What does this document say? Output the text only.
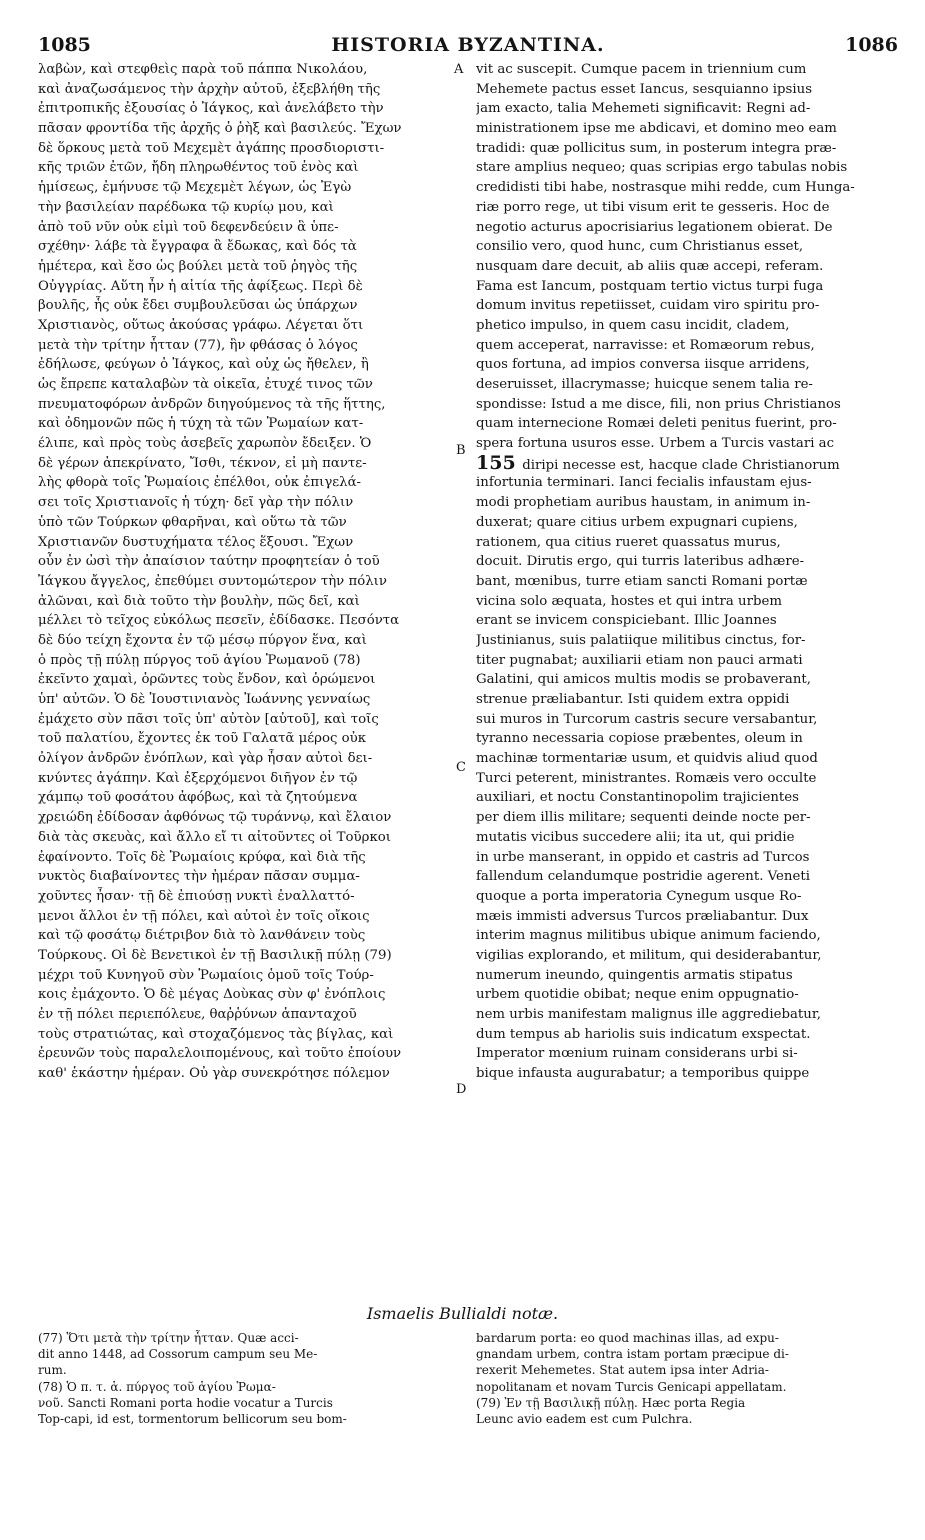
1085	HISTORIA BYZANTINA.	1086
A
B
C
D
λαβὼν, καὶ στεφθεὶς παρὰ τοῦ πάππα Νικολάου,
καὶ ἀναζωσάμενος τὴν ἀρχὴν αὐτοῦ, ἐξεβλήθη τῆς
ἐπιτροπικῆς ἐξουσίας ὁ Ἰάγκος, καὶ ἀνελάβετο τὴν
πᾶσαν φροντίδα τῆς ἀρχῆς ὁ ῥὴξ καὶ βασιλεύς. Ἔχων
δὲ ὅρκους μετὰ τοῦ Μεχεμὲτ ἀγάπης προσδιοριστι-
κῆς τριῶν ἐτῶν, ἤδη πληρωθέντος τοῦ ἑνὸς καὶ
ἡμίσεως, ἐμήνυσε τῷ Μεχεμὲτ λέγων, ὡς Ἐγὼ
τὴν βασιλείαν παρέδωκα τῷ κυρίῳ μου, καὶ
ἀπὸ τοῦ νῦν οὐκ εἰμὶ τοῦ δεφενδεύειν ἃ ὑπε-
σχέθην· λάβε τὰ ἔγγραφα ἃ ἔδωκας, καὶ δός τὰ
ἡμέτερα, καὶ ἔσο ὡς βούλει μετὰ τοῦ ῥηγὸς τῆς
Οὐγγρίας. Αὕτη ἦν ἡ αἰτία τῆς ἀφίξεως. Περὶ δὲ
βουλῆς, ἧς οὐκ ἔδει συμβουλεῦσαι ὡς ὑπάρχων
Χριστιανὸς, οὕτως ἀκούσας γράφω. Λέγεται ὅτι
μετὰ τὴν τρίτην ἧτταν (77), ἣν φθάσας ὁ λόγος
ἐδήλωσε, φεύγων ὁ Ἰάγκος, καὶ οὐχ ὡς ἤθελεν, ἢ
ὡς ἔπρεπε καταλαβὼν τὰ οἰκεῖα, ἐτυχέ τινος τῶν
πνευματοφόρων ἀνδρῶν διηγούμενος τὰ τῆς ἥττης,
καὶ ὀδημονῶν πῶς ἡ τύχη τὰ τῶν Ῥωμαίων κατ-
έλιπε, καὶ πρὸς τοὺς ἀσεβεῖς χαρωπὸν ἔδειξεν. Ὁ
δὲ γέρων ἀπεκρίνατο, Ἴσθι, τέκνον, εἰ μὴ παντε-
λὴς φθορὰ τοῖς Ῥωμαίοις ἐπέλθοι, οὐκ ἐπιγελά-
σει τοῖς Χριστιανοῖς ἡ τύχη· δεῖ γὰρ τὴν πόλιν
ὑπὸ τῶν Τούρκων φθαρῆναι, καὶ οὕτω τὰ τῶν
Χριστιανῶν δυστυχήματα τέλος ἕξουσι. Ἔχων
οὖν ἐν ὠσὶ τὴν ἀπαίσιον ταύτην προφητείαν ὁ τοῦ
Ἰάγκου ἄγγελος, ἐπεθύμει συντομώτερον τὴν πόλιν
ἀλῶναι, καὶ διὰ τοῦτο τὴν βουλὴν, πῶς δεῖ, καὶ
μέλλει τὸ τεῖχος εὐκόλως πεσεῖν, ἐδίδασκε. Πεσόντα
δὲ δύο τείχη ἔχοντα ἐν τῷ μέσῳ πύργον ἕνα, καὶ
ὁ πρὸς τῇ πύλῃ πύργος τοῦ ἁγίου Ῥωμανοῦ (78)
ἐκεῖντο χαμαὶ, ὁρῶντες τοὺς ἔνδον, καὶ ὁρώμενοι
ὑπ' αὐτῶν. Ὁ δὲ Ἰουστινιανὸς Ἰωάννης γενναίως
ἐμάχετο σὺν πᾶσι τοῖς ὑπ' αὐτὸν [αὐτοῦ], καὶ τοῖς
τοῦ παλατίου, ἔχοντες ἐκ τοῦ Γαλατᾶ μέρος οὐκ
ὀλίγον ἀνδρῶν ἐνόπλων, καὶ γὰρ ἦσαν αὐτοὶ δει-
κνύντες ἀγάπην. Καὶ ἐξερχόμενοι διῆγον ἐν τῷ
χάμπῳ τοῦ φοσάτου ἀφόβως, καὶ τὰ ζητούμενα
χρειώδη ἐδίδοσαν ἀφθόνως τῷ τυράννῳ, καὶ ἔλαιον
διὰ τὰς σκευὰς, καὶ ἄλλο εἴ τι αἰτοῦντες οἱ Τοῦρκοι
ἐφαίνοντο. Τοῖς δὲ Ῥωμαίοις κρύφα, καὶ διὰ τῆς
νυκτὸς διαβαίνοντες τὴν ἡμέραν πᾶσαν συμμα-
χοῦντες ἦσαν· τῇ δὲ ἐπιούσῃ νυκτὶ ἐναλλαττό-
μενοι ἄλλοι ἐν τῇ πόλει, καὶ αὐτοὶ ἐν τοῖς οἴκοις
καὶ τῷ φοσάτῳ διέτριβον διὰ τὸ λανθάνειν τοὺς
Τούρκους. Οἱ δὲ Βενετικοὶ ἐν τῇ Βασιλικῇ πύλῃ (79)
μέχρι τοῦ Κυνηγοῦ σὺν Ῥωμαίοις ὁμοῦ τοῖς Τούρ-
κοις ἐμάχοντο. Ὁ δὲ μέγας Δοὺκας σὺν φ' ἐνόπλοις
ἐν τῇ πόλει περιεπόλευε, θαῤῥύνων ἁπανταχοῦ
τοὺς στρατιώτας, καὶ στοχαζόμενος τὰς βίγλας, καὶ
ἐρευνῶν τοὺς παραλελοιπομένους, καὶ τοῦτο ἐποίουν
καθ' ἑκάστην ἡμέραν. Οὐ γὰρ συνεκρότησε πόλεμον
vit ac suscepit. Cumque pacem in triennium cum
Mehemete pactus esset Iancus, sesquianno ipsius
jam exacto, talia Mehemeti significavit: Regni ad-
ministrationem ipse me abdicavi, et domino meo eam
tradidi: quæ pollicitus sum, in posterum integra præ-
stare amplius nequeo; quas scripias ergo tabulas nobis
credidisti tibi habe, nostrasque mihi redde, cum Hunga-
riæ porro rege, ut tibi visum erit te gesseris. Hoc de
negotio acturus apocrisiarius legationem obierat. De
consilio vero, quod hunc, cum Christianus esset,
nusquam dare decuit, ab aliis quæ accepi, referam.
Fama est Iancum, postquam tertio victus turpi fuga
domum invitus repetiisset, cuidam viro spiritu pro-
phetico impulso, in quem casu incidit, cladem,
quem acceperat, narravisse: et Romæorum rebus,
quos fortuna, ad impios conversa iisque arridens,
deseruisset, illacrymasse; huicque senem talia re-
spondisse: Istud a me disce, fili, non prius Christianos
quam internecione Romæi deleti penitus fuerint, pro-
spera fortuna usuros esse. Urbem a Turcis vastari ac
155 diripi necesse est, hacque clade Christianorum
infortunia terminari. Ianci fecialis infaustam ejus-
modi prophetiam auribus haustam, in animum in-
duxerat; quare citius urbem expugnari cupiens,
rationem, qua citius rueret quassatus murus,
docuit. Dirutis ergo, qui turris lateribus adhære-
bant, mœnibus, turre etiam sancti Romani portæ
vicina solo æquata, hostes et qui intra urbem
erant se invicem conspiciebant. Illic Joannes
Justinianus, suis palatiique militibus cinctus, for-
titer pugnabat; auxiliarii etiam non pauci armati
Galatini, qui amicos multis modis se probaverant,
strenue præliabantur. Isti quidem extra oppidi
sui muros in Turcorum castris secure versabantur,
tyranno necessaria copiose præbentes, oleum in
machinæ tormentariæ usum, et quidvis aliud quod
Turci peterent, ministrantes. Romæis vero occulte
auxiliari, et noctu Constantinopolim trajicientes
per diem illis militare; sequenti deinde nocte per-
mutatis vicibus succedere alii; ita ut, qui pridie
in urbe manserant, in oppido et castris ad Turcos
fallendum celandumque postridie agerent. Veneti
quoque a porta imperatoria Cynegum usque Ro-
mæis immisti adversus Turcos præliabantur. Dux
interim magnus militibus ubique animum faciendo,
vigilias explorando, et militum, qui desiderabantur,
numerum ineundo, quingentis armatis stipatus
urbem quotidie obibat; neque enim oppugnatio-
nem urbis manifestam malignus ille aggrediebatur,
dum tempus ab hariolis suis indicatum exspectat.
Imperator mœnium ruinam considerans urbi si-
bique infausta augurabatur; a temporibus quippe
Ismaelis Bullialdi notæ.
(77) Ὅτι μετὰ τὴν τρίτην ἧτταν. Quæ acci-
dit anno 1448, ad Cossorum campum seu Me-
rum.
(78) Ὁ π. τ. ἁ. πύργος τοῦ ἁγίου Ῥωμα-
νοῦ. Sancti Romani porta hodie vocatur a Turcis
Top-capi, id est, tormentorum bellicorum seu bom-
bardarum porta: eo quod machinas illas, ad expu-
gnandam urbem, contra istam portam præcipue di-
rexerit Mehemetes. Stat autem ipsa inter Adria-
nopolitanam et novam Turcis Genicapi appellatam.
(79) Ἐν τῇ Βασιλικῇ πύλῃ. Hæc porta Regia
Leunc avio eadem est cum Pulchra.
